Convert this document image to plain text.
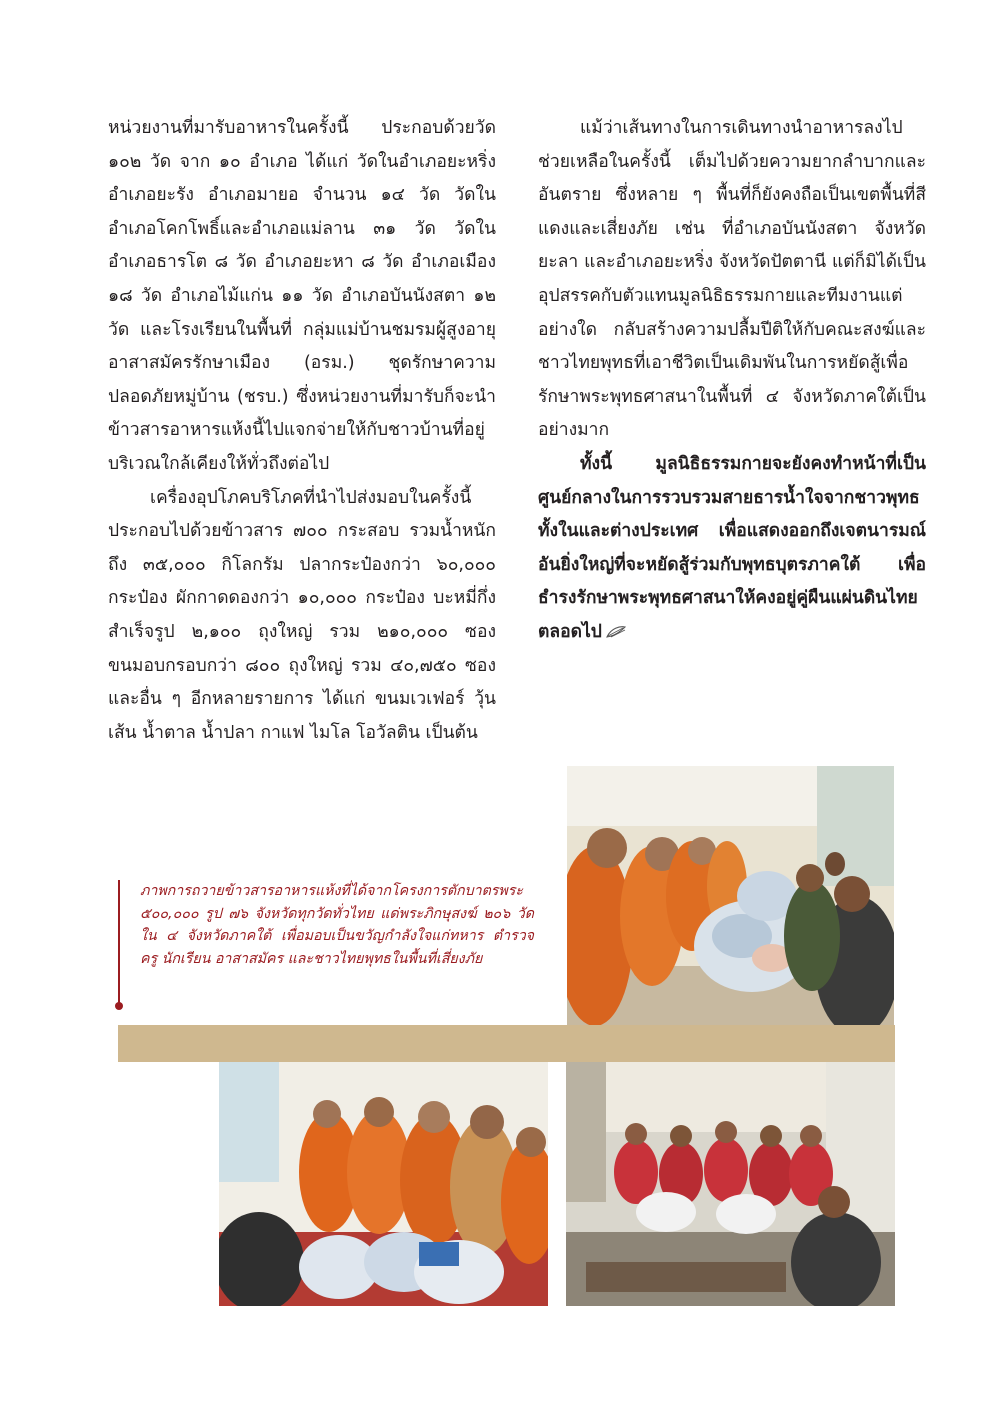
หน่วยงานที่มารับอาหารในครั้งนี้ ประกอบด้วยวัด ๑๐๒ วัด จาก ๑๐ อำเภอ ได้แก่ วัดในอำเภอยะหริ่ง อำเภอยะรัง อำเภอมายอ จำนวน ๑๔ วัด วัดในอำเภอโคกโพธิ์และอำเภอแม่ลาน ๓๑ วัด วัดในอำเภอธารโต ๘ วัด อำเภอยะหา ๘ วัด อำเภอเมือง ๑๘ วัด อำเภอไม้แก่น ๑๑ วัด อำเภอบันนังสตา ๑๒ วัด และโรงเรียนในพื้นที่ กลุ่มแม่บ้านชมรมผู้สูงอายุ อาสาสมัครรักษาเมือง (อรม.) ชุดรักษาความปลอดภัยหมู่บ้าน (ชรบ.) ซึ่งหน่วยงานที่มารับก็จะนำข้าวสารอาหารแห้งนี้ไปแจกจ่ายให้กับชาวบ้านที่อยู่บริเวณใกล้เคียงให้ทั่วถึงต่อไป

เครื่องอุปโภคบริโภคที่นำไปส่งมอบในครั้งนี้ประกอบไปด้วยข้าวสาร ๗๐๐ กระสอบ รวมน้ำหนักถึง ๓๕,๐๐๐ กิโลกรัม ปลากระป๋องกว่า ๖๐,๐๐๐ กระป๋อง ผักกาดดองกว่า ๑๐,๐๐๐ กระป๋อง บะหมี่กึ่งสำเร็จรูป ๒,๑๐๐ ถุงใหญ่ รวม ๒๑๐,๐๐๐ ซอง ขนมอบกรอบกว่า ๘๐๐ ถุงใหญ่ รวม ๔๐,๗๕๐ ซอง และอื่น ๆ อีกหลายรายการ ได้แก่ ขนมเวเฟอร์ วุ้นเส้น น้ำตาล น้ำปลา กาแฟ ไมโล โอวัลติน เป็นต้น

แม้ว่าเส้นทางในการเดินทางนำอาหารลงไปช่วยเหลือในครั้งนี้ เต็มไปด้วยความยากลำบากและอันตราย ซึ่งหลาย ๆ พื้นที่ก็ยังคงถือเป็นเขตพื้นที่สีแดงและเสี่ยงภัย เช่น ที่อำเภอบันนังสตา จังหวัดยะลา และอำเภอยะหริ่ง จังหวัดปัตตานี แต่ก็มิได้เป็นอุปสรรคกับตัวแทนมูลนิธิธรรมกายและทีมงานแต่อย่างใด กลับสร้างความปลื้มปีติให้กับคณะสงฆ์และชาวไทยพุทธที่เอาชีวิตเป็นเดิมพันในการหยัดสู้เพื่อรักษาพระพุทธศาสนาในพื้นที่ ๔ จังหวัดภาคใต้เป็นอย่างมาก

ทั้งนี้ มูลนิธิธรรมกายจะยังคงทำหน้าที่เป็นศูนย์กลางในการรวบรวมสายธารน้ำใจจากชาวพุทธ ทั้งในและต่างประเทศ เพื่อแสดงออกถึงเจตนารมณ์ อันยิ่งใหญ่ที่จะหยัดสู้ร่วมกับพุทธบุตรภาคใต้ เพื่อธำรงรักษาพระพุทธศาสนาให้คงอยู่คู่ผืนแผ่นดินไทยตลอดไป

ภาพการถวายข้าวสารอาหารแห้งที่ได้จากโครงการตักบาตรพระ ๕๐๐,๐๐๐ รูป ๗๖ จังหวัดทุกวัดทั่วไทย แด่พระภิกษุสงฆ์ ๒๐๖ วัด ใน ๔ จังหวัดภาคใต้ เพื่อมอบเป็นขวัญกำลังใจแก่ทหาร ตำรวจ ครู นักเรียน อาสาสมัคร และชาวไทยพุทธในพื้นที่เสี่ยงภัย
